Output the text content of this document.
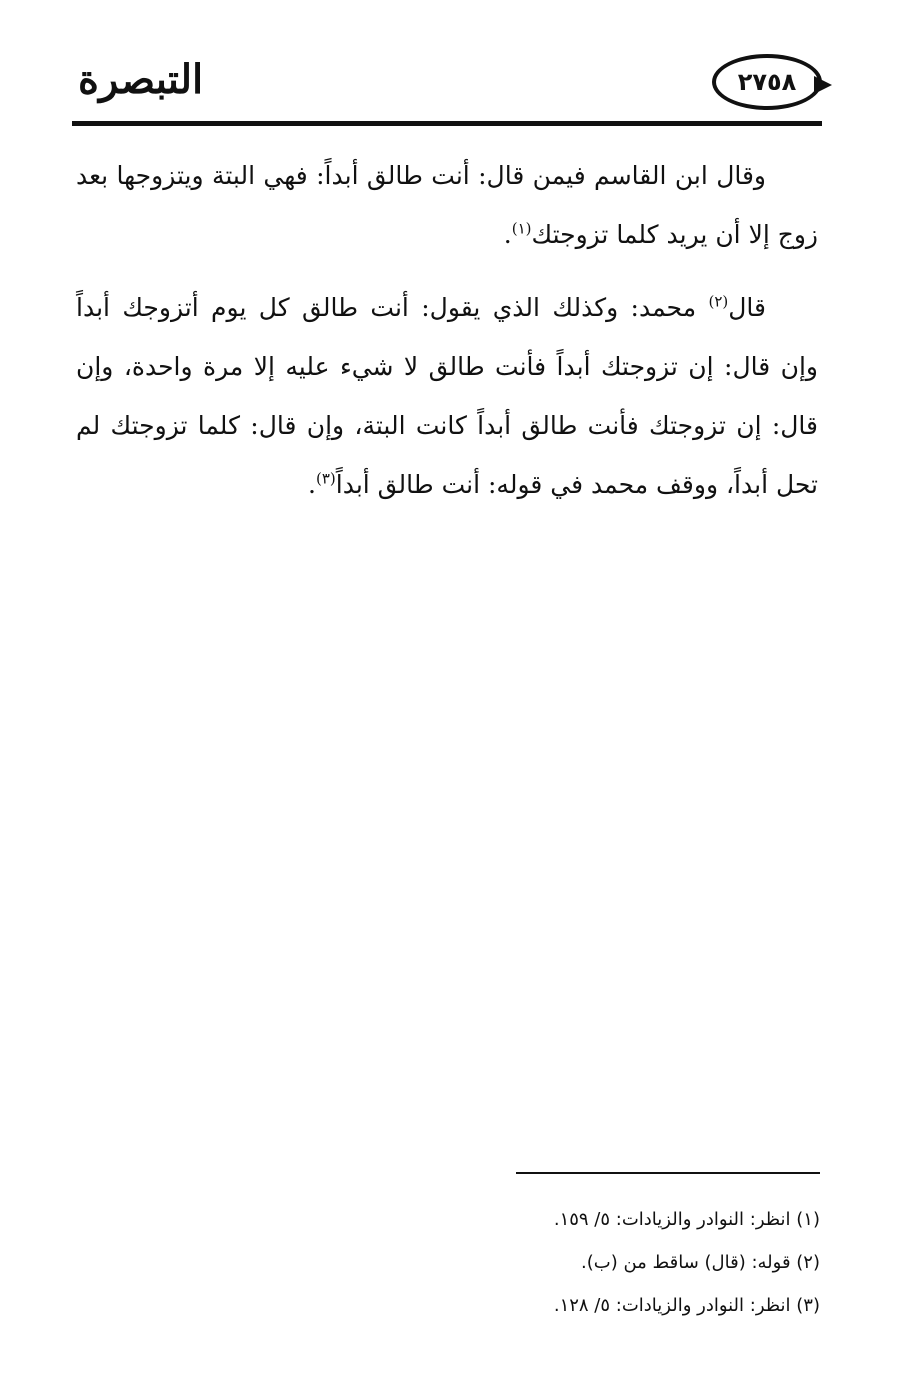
التبصرة	٢٧٥٨

وقال ابن القاسم فيمن قال: أنت طالق أبداً: فهي البتة ويتزوجها بعد زوج إلا أن يريد كلما تزوجتك$^{(١)}$.

قال$^{(٢)}$ محمد: وكذلك الذي يقول: أنت طالق كل يوم أتزوجك أبداً وإن قال: إن تزوجتك أبداً فأنت طالق لا شيء عليه إلا مرة واحدة، وإن قال: إن تزوجتك فأنت طالق أبداً كانت البتة، وإن قال: كلما تزوجتك لم تحل أبداً، ووقف محمد في قوله: أنت طالق أبداً$^{(٣)}$.

(١) انظر: النوادر والزيادات: ٥/ ١٥٩.

(٢) قوله: (قال) ساقط من (ب).

(٣) انظر: النوادر والزيادات: ٥/ ١٢٨.
